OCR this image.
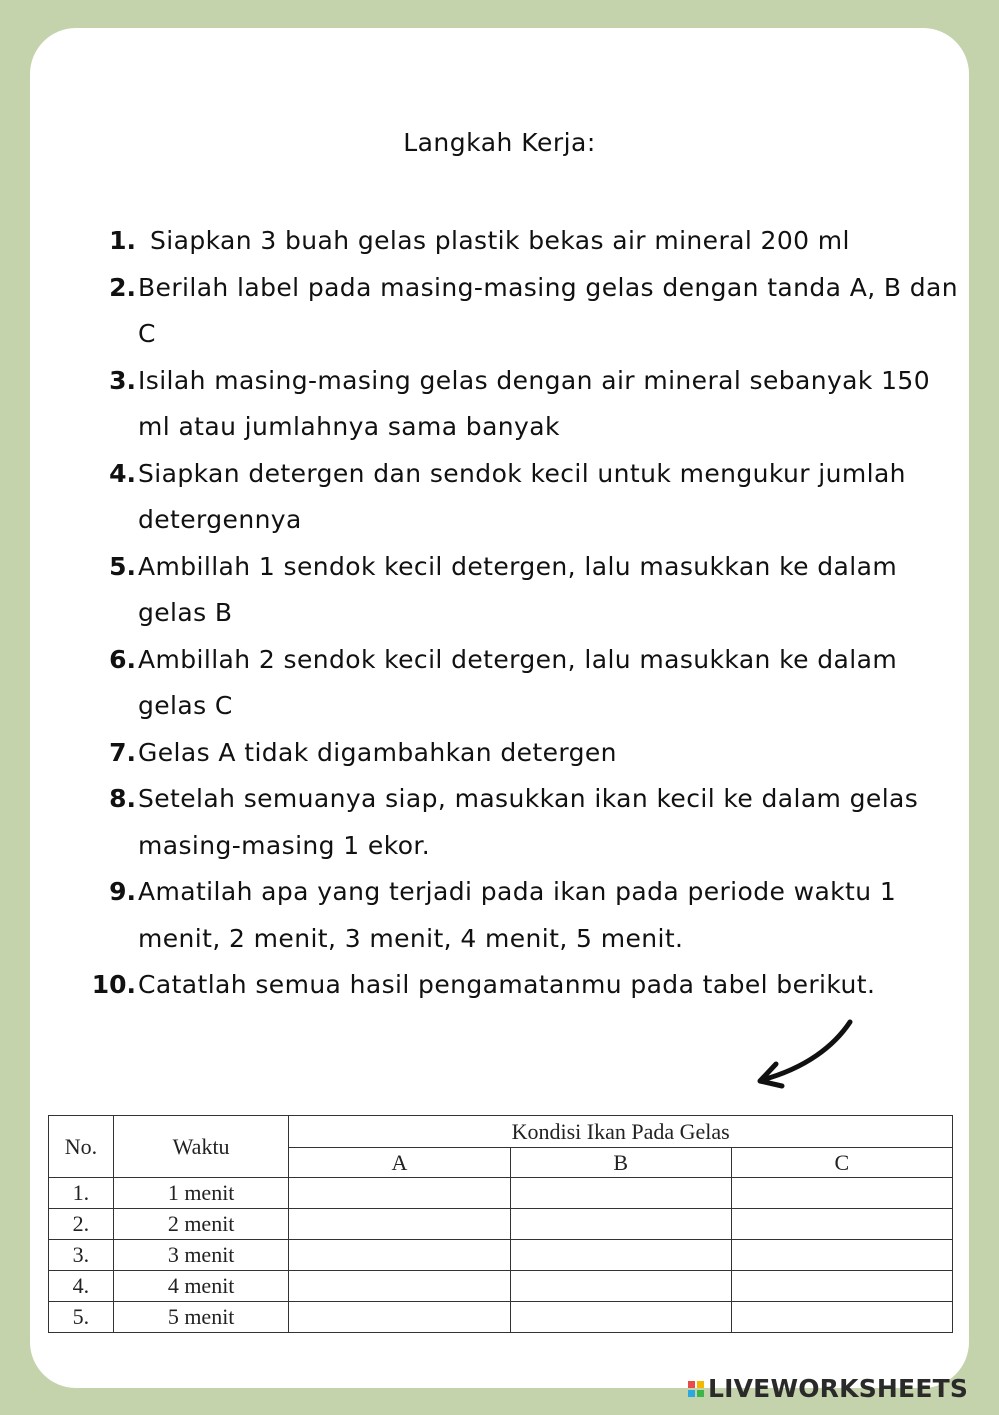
Langkah Kerja:
1. Siapkan 3 buah gelas plastik bekas air mineral 200 ml
2. Berilah label pada masing-masing gelas dengan tanda A, B dan C
3. Isilah masing-masing gelas dengan air mineral sebanyak 150 ml atau jumlahnya sama banyak
4. Siapkan detergen dan sendok kecil untuk mengukur jumlah detergennya
5. Ambillah 1 sendok kecil detergen, lalu masukkan ke dalam gelas B
6. Ambillah 2 sendok kecil detergen, lalu masukkan ke dalam gelas C
7. Gelas A tidak digambahkan detergen
8. Setelah semuanya siap, masukkan ikan kecil ke dalam gelas masing-masing 1 ekor.
9. Amatilah apa yang terjadi pada ikan pada periode waktu 1 menit, 2 menit, 3 menit, 4 menit, 5 menit.
10. Catatlah semua hasil pengamatanmu pada tabel berikut.
No.	Waktu	Kondisi Ikan Pada Gelas		
		A	B	C
1.	1 menit			
2.	2 menit			
3.	3 menit			
4.	4 menit			
5.	5 menit			
LIVEWORKSHEETS
